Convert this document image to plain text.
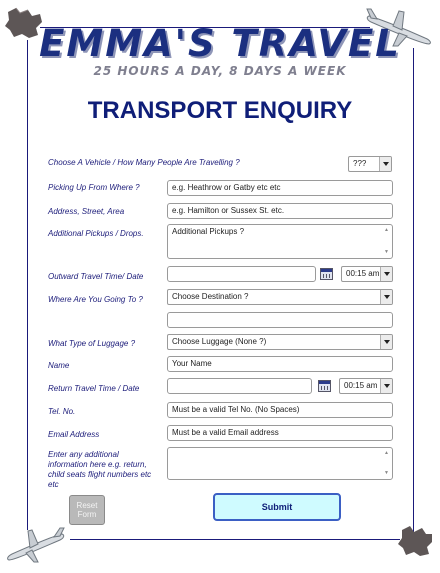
EMMA'S TRAVEL
25 HOURS A DAY, 8 DAYS A WEEK
TRANSPORT ENQUIRY
Choose A Vehicle / How Many People Are Travelling ?	???
Picking Up From Where ?	e.g. Heathrow or Gatby etc etc
Address, Street, Area	e.g. Hamilton or Sussex St. etc.
Additional Pickups / Drops.	Additional Pickups ?	▲
▼
Outward Travel Time/ Date	00:15 am
Where Are You Going To ?	Choose Destination ?
What Type of Luggage ?	Choose Luggage (None ?)
Name	Your Name
Return Travel Time / Date	00:15 am
Tel. No.	Must be a valid Tel No. (No Spaces)
Email Address	Must be a valid Email address
Enter any additional information here e.g. return, child seats flight numbers etc etc
▲
▼
Reset Form
Submit
